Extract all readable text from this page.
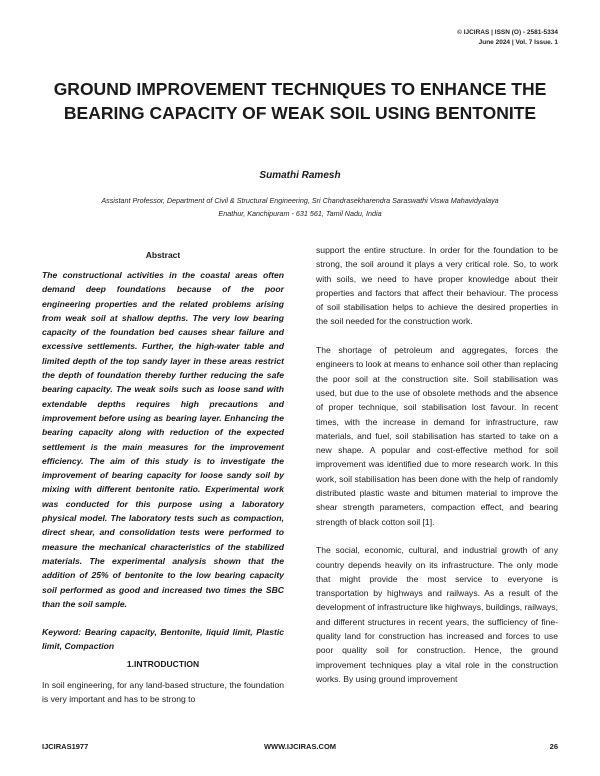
© IJCIRAS | ISSN (O) - 2581-5334
June 2024 | Vol. 7 Issue. 1
GROUND IMPROVEMENT TECHNIQUES TO ENHANCE THE BEARING CAPACITY OF WEAK SOIL USING BENTONITE
Sumathi Ramesh
Assistant Professor, Department of Civil & Structural Engineering, Sri Chandrasekharendra Saraswathi Viswa Mahavidyalaya
Enathur, Kanchipuram - 631 561, Tamil Nadu, India
Abstract
The constructional activities in the coastal areas often demand deep foundations because of the poor engineering properties and the related problems arising from weak soil at shallow depths. The very low bearing capacity of the foundation bed causes shear failure and excessive settlements. Further, the high-water table and limited depth of the top sandy layer in these areas restrict the depth of foundation thereby further reducing the safe bearing capacity. The weak soils such as loose sand with extendable depths requires high precautions and improvement before using as bearing layer. Enhancing the bearing capacity along with reduction of the expected settlement is the main measures for the improvement efficiency. The aim of this study is to investigate the improvement of bearing capacity for loose sandy soil by mixing with different bentonite ratio. Experimental work was conducted for this purpose using a laboratory physical model. The laboratory tests such as compaction, direct shear, and consolidation tests were performed to measure the mechanical characteristics of the stabilized materials. The experimental analysis shown that the addition of 25% of bentonite to the low bearing capacity soil performed as good and increased two times the SBC than the soil sample.
Keyword: Bearing capacity, Bentonite, liquid limit, Plastic limit, Compaction
1.INTRODUCTION
In soil engineering, for any land-based structure, the foundation is very important and has to be strong to

support the entire structure. In order for the foundation to be strong, the soil around it plays a very critical role. So, to work with soils, we need to have proper knowledge about their properties and factors that affect their behaviour. The process of soil stabilisation helps to achieve the desired properties in the soil needed for the construction work.

The shortage of petroleum and aggregates, forces the engineers to look at means to enhance soil other than replacing the poor soil at the construction site. Soil stabilisation was used, but due to the use of obsolete methods and the absence of proper technique, soil stabilisation lost favour. In recent times, with the increase in demand for infrastructure, raw materials, and fuel, soil stabilisation has started to take on a new shape. A popular and cost-effective method for soil improvement was identified due to more research work. In this work, soil stabilisation has been done with the help of randomly distributed plastic waste and bitumen material to improve the shear strength parameters, compaction effect, and bearing strength of black cotton soil [1].

The social, economic, cultural, and industrial growth of any country depends heavily on its infrastructure. The only mode that might provide the most service to everyone is transportation by highways and railways. As a result of the development of infrastructure like highways, buildings, railways, and different structures in recent years, the sufficiency of fine-quality land for construction has increased and forces to use poor quality soil for construction. Hence, the ground improvement techniques play a vital role in the construction works. By using ground improvement

IJCIRAS1977	WWW.IJCIRAS.COM	26
